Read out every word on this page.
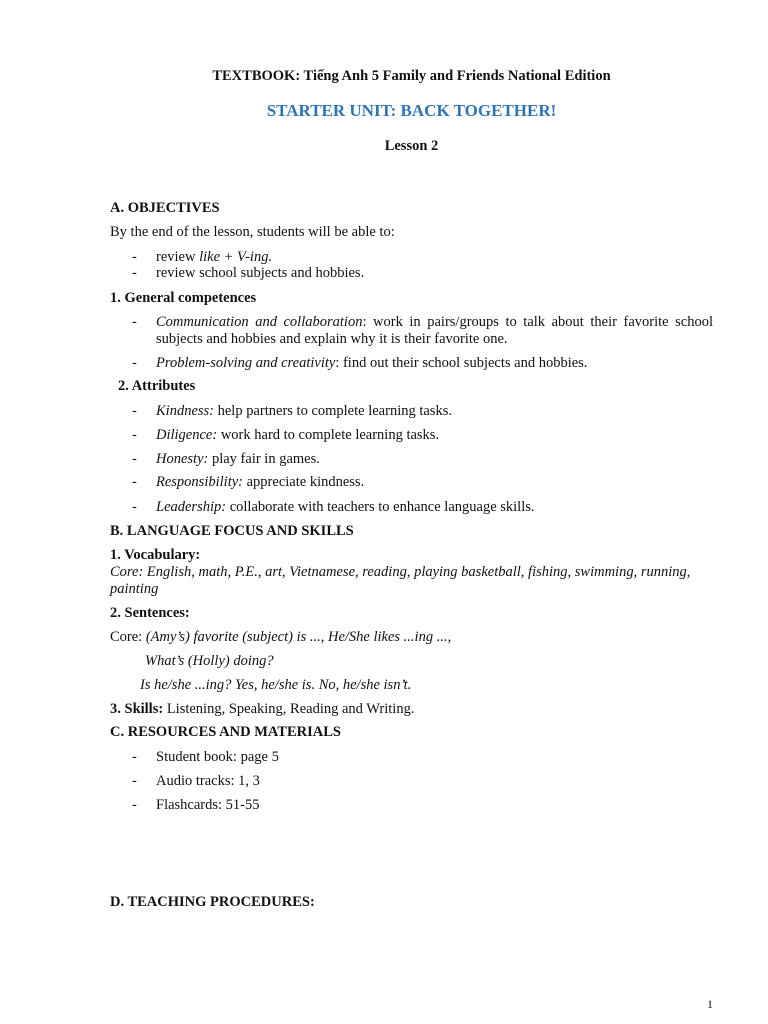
TEXTBOOK: Tiếng Anh 5 Family and Friends National Edition
STARTER UNIT: BACK TOGETHER!
Lesson 2
A. OBJECTIVES
By the end of the lesson, students will be able to:
- review like + V-ing.
- review school subjects and hobbies.
1. General competences
- Communication and collaboration: work in pairs/groups to talk about their favorite school subjects and hobbies and explain why it is their favorite one.
- Problem-solving and creativity: find out their school subjects and hobbies.
2. Attributes
- Kindness: help partners to complete learning tasks.
- Diligence: work hard to complete learning tasks.
- Honesty: play fair in games.
- Responsibility: appreciate kindness.
- Leadership: collaborate with teachers to enhance language skills.
B. LANGUAGE FOCUS AND SKILLS
1. Vocabulary:
Core: English, math, P.E., art, Vietnamese, reading, playing basketball, fishing, swimming, running, painting
2. Sentences:
Core: (Amy’s) favorite (subject) is ..., He/She likes ...ing ...,
What’s (Holly) doing?
Is he/she ...ing? Yes, he/she is. No, he/she isn’t.
3. Skills: Listening, Speaking, Reading and Writing.
C. RESOURCES AND MATERIALS
- Student book: page 5
- Audio tracks: 1, 3
- Flashcards: 51-55
D. TEACHING PROCEDURES:
1
